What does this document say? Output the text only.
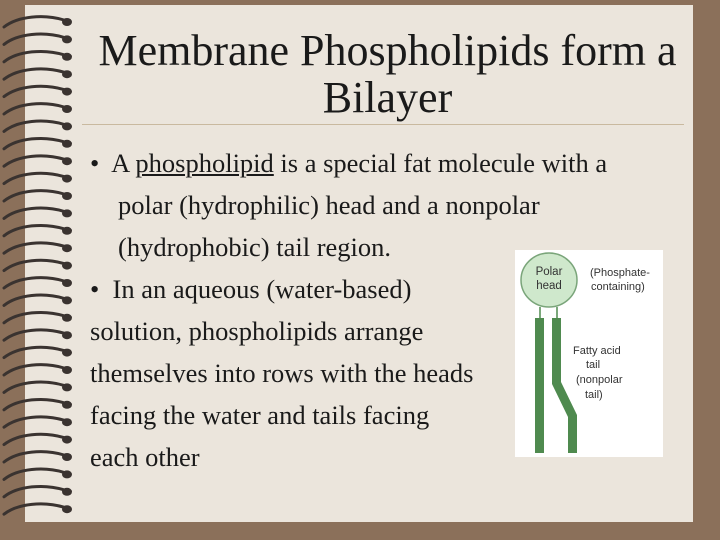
Membrane Phospholipids form a Bilayer
• A phospholipid is a special fat molecule with a polar (hydrophilic) head and a nonpolar (hydrophobic) tail region.
• In an aqueous (water-based) solution, phospholipids arrange themselves into rows with the heads facing the water and tails facing each other
Polar
head
(Phosphate-
containing)
Fatty acid
tail
(nonpolar
tail)
